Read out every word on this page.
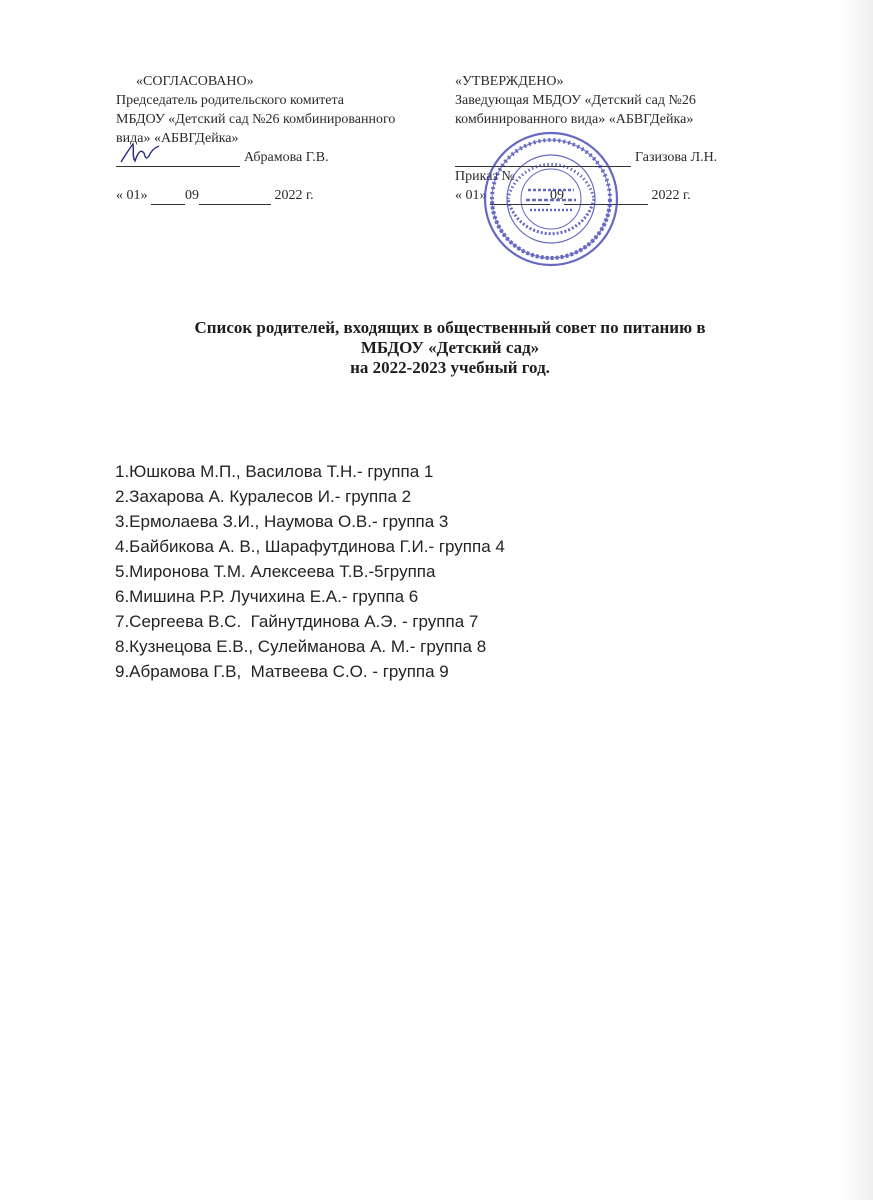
«СОГЛАСОВАНО»
Председатель родительского комитета
МБДОУ «Детский сад №26 комбинированного
вида» «АБВГДейка»
Абрамова Г.В.
« 01»	09	2022 г.
«УТВЕРЖДЕНО»
Заведующая МБДОУ «Детский сад №26
комбинированного вида» «АБВГДейка»
Газизова Л.Н.
Приказ №
« 01»	09	2022 г.
Список родителей, входящих в общественный совет по питанию в
МБДОУ «Детский сад»
на 2022-2023 учебный год.
1.Юшкова М.П., Василова Т.Н.- группа 1
2.Захарова А. Куралесов И.- группа 2
3.Ермолаева З.И., Наумова О.В.- группа 3
4.Байбикова А. В., Шарафутдинова Г.И.- группа 4
5.Миронова Т.М. Алексеева Т.В.-5группа
6.Мишина Р.Р. Лучихина Е.А.- группа 6
7.Сергеева В.С.  Гайнутдинова А.Э. - группа 7
8.Кузнецова Е.В., Сулейманова А. М.- группа 8
9.Абрамова Г.В,  Матвеева С.О. - группа 9
